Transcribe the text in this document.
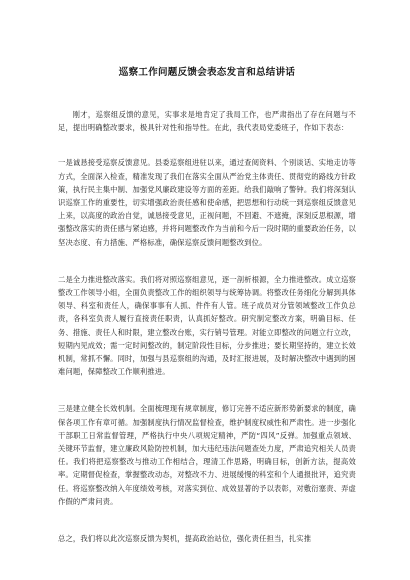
巡察工作问题反馈会表态发言和总结讲话

刚才，巡察组反馈的意见，实事求是地肯定了我局工作，也严肃指出了存在问题与不足，提出明确整改要求，极具针对性和指导性。在此，我代表局党委班子，作如下表态：

一是诚恳接受巡察反馈意见。县委巡察组进驻以来，通过查阅资料、个别谈话、实地走访等方式，全面深入检查，精准发现了我们在落实全面从严治党主体责任、贯彻党的路线方针政策，执行民主集中制、加强党风廉政建设等方面的差距。给我们敲响了警钟。我们将深刻认识巡察工作的重要性，切实增强政治责任感和使命感，把思想和行动统一到巡察组反馈意见上来，以高度的政治自觉，诚恳接受意见，正视问题，不回避、不遮掩，深刻反思根源，增强整改落实的责任感与紧迫感，并将问题整改作为当前和今后一段时期的重要政治任务，以坚决态度、有力措施、严格标准，确保巡察反馈问题整改到位。

二是全力推进整改落实。我们将对照巡察组意见，逐一剖析根源，全力推进整改。成立巡察整改工作领导小组，全面负责整改工作的组织领导与统筹协调。将整改任务细化分解到具体领导、科室和责任人，确保事事有人抓、件件有人管。班子成员对分管领域整改工作负总责，各科室负责人履行直接责任职责，认真抓好整改。研究制定整改方案，明确目标、任务、措施、责任人和时限，建立整改台账，实行销号管理。对能立即整改的问题立行立改，短期内见成效；需一定时间整改的，制定阶段性目标，分步推进；要长期坚持的，建立长效机制，常抓不懈。同时，加强与县巡察组的沟通，及时汇报进展，及时解决整改中遇到的困难问题，保障整改工作顺利推进。

三是建立健全长效机制。全面梳理现有规章制度，修订完善不适应新形势新要求的制度，确保各项工作有章可循。加强制度执行情况监督检查，维护制度权威性和严肃性。进一步强化干部职工日常监督管理，严格执行中央八项规定精神，严防“四风”反弹。加强重点领域、关键环节监督，建立廉政风险防控机制，加大违纪违法问题查处力度，严肃追究相关人员责任。我们将把巡察整改与推动工作相结合，理清工作思路，明确目标，创新方法，提高效率。定期督促检查，掌握整改动态，对整改不力、进展缓慢的科室和个人通报批评，追究责任。将巡察整改纳入年度绩效考核，对落实到位、成效显著的予以表彰，对敷衍塞责、弄虚作假的严肃问责。

总之，我们将以此次巡察反馈为契机，提高政治站位，强化责任担当，扎实推
